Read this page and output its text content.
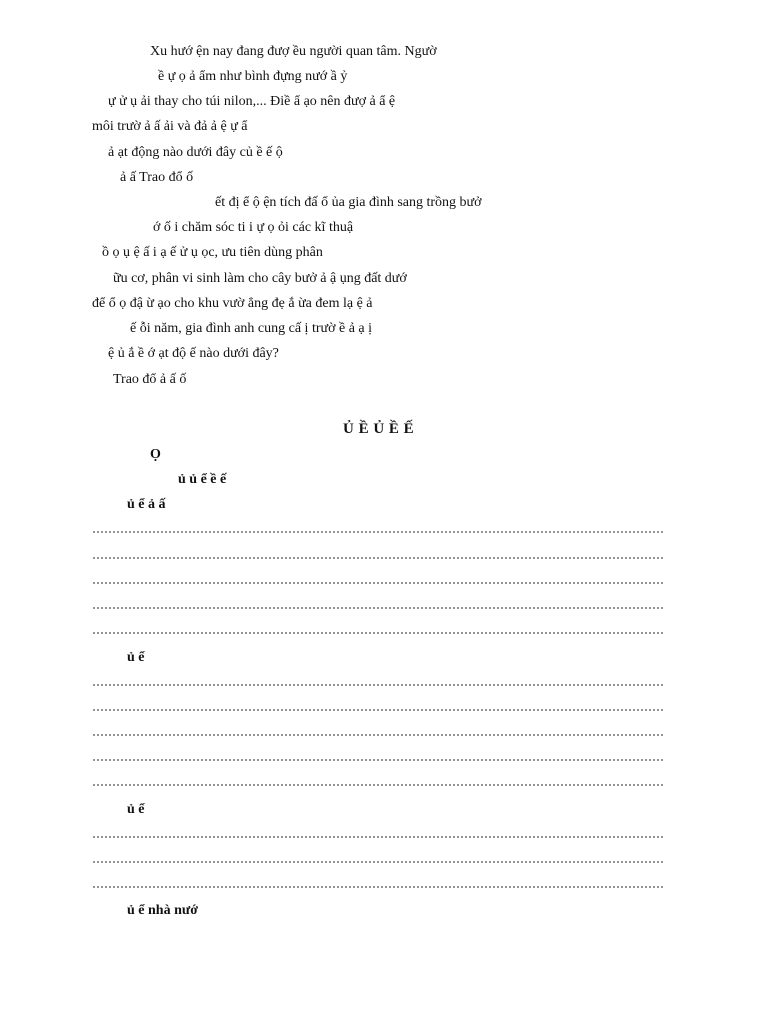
Xu hướ ện nay đang đượ ều người quan tâm. Ngườ
ề ự ọ ả ẩm như bình đựng nướ ầ ỷ
ự ử ụ ải thay cho túi nilon,... Điề ẩ ạo nên đượ ả ẩ ệ
môi trườ ả ấ ải và đả ả ệ ự ẩ
ả ạt động nào dưới đây củ ề ế ộ
ả ấ Trao đổ ố
ết đị ể ộ ện tích đấ ổ ủa gia đình sang trồng bưở
ớ ố i chăm sóc ti i ự ọ ỏi các kĩ thuậ
ồ ọ ụ ệ ấ i ạ ế ử ụ ọc, ưu tiên dùng phân
ữu cơ, phân vi sinh làm cho cây bưở ả ậ ụng đất dướ
để ổ ọ đậ ừ ạo cho khu vườ ẳng đẹ ắ ừa đem lạ ệ ả
ế ỗi năm, gia đình anh cung cấ ị trườ ề ả ạ ị
ệ ủ ắ ề ớ ạt độ ế nào dưới đây?
Trao đổ ả ấ ố
Ủ Ề Ủ Ề Ế
Ọ
ủ ủ ể ề ế
ủ ể ả ấ
ủ ể
ủ ể
ủ ể nhà nướ
